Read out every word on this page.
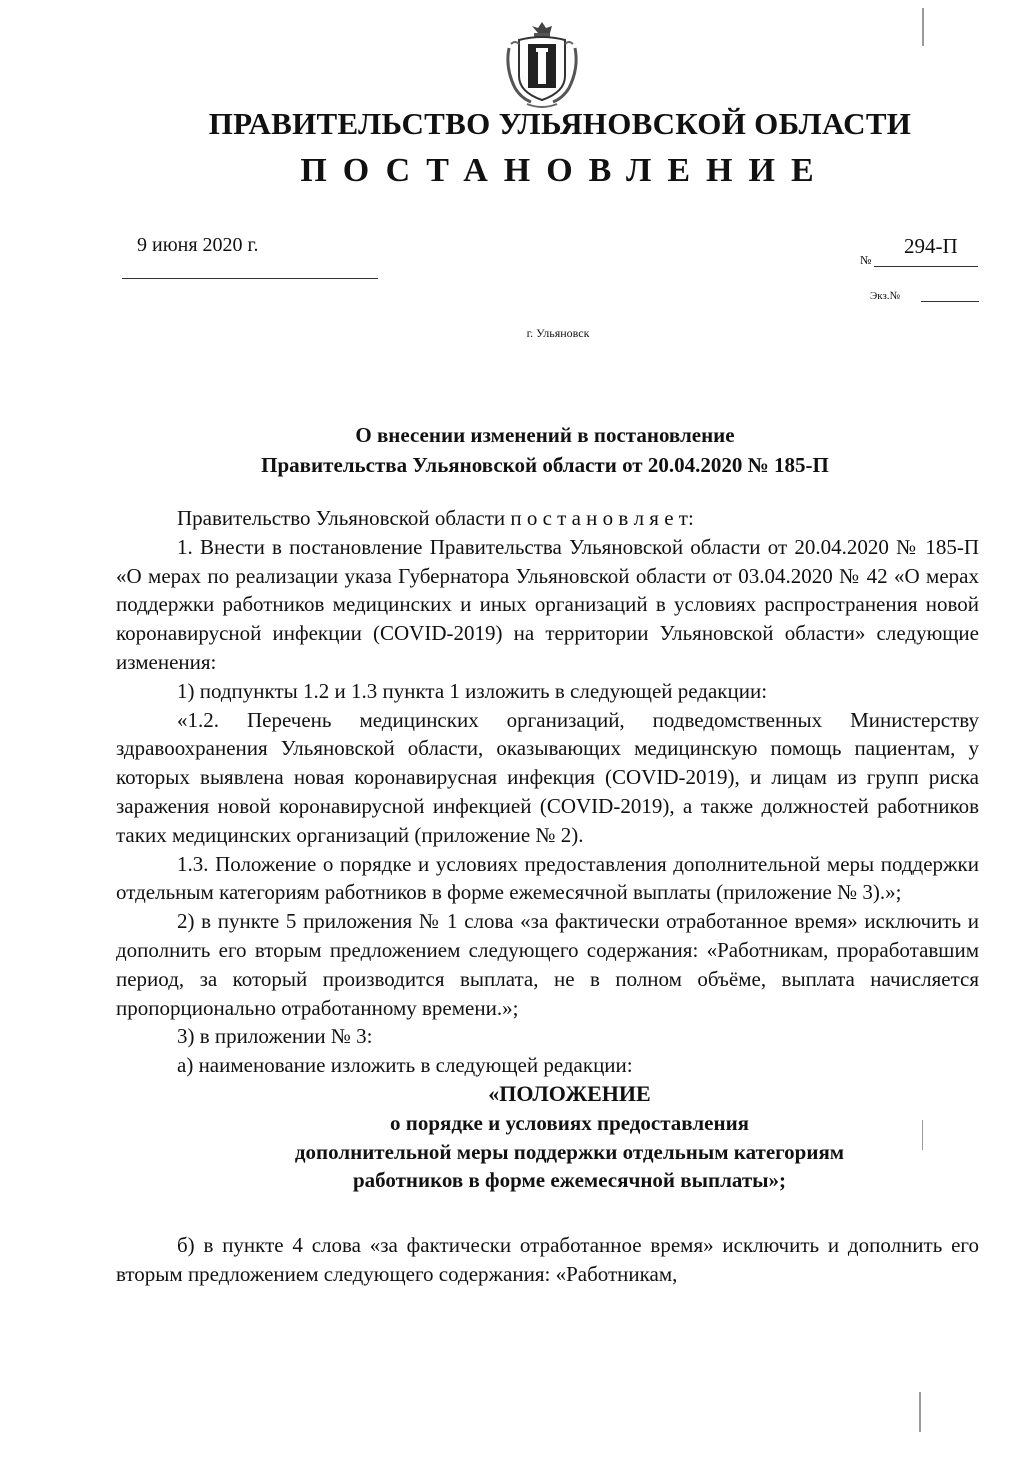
ПРАВИТЕЛЬСТВО УЛЬЯНОВСКОЙ ОБЛАСТИ
ПОСТАНОВЛЕНИЕ
9 июня 2020 г.
№
294-П
Экз.№
г. Ульяновск
О внесении изменений в постановление
Правительства Ульяновской области от 20.04.2020 № 185-П

Правительство Ульяновской области п о с т а н о в л я е т:

1. Внести в постановление Правительства Ульяновской области от 20.04.2020 № 185-П «О мерах по реализации указа Губернатора Ульяновской области от 03.04.2020 № 42 «О мерах поддержки работников медицинских и иных организаций в условиях распространения новой коронавирусной инфекции (COVID-2019) на территории Ульяновской области» следующие изменения:

1) подпункты 1.2 и 1.3 пункта 1 изложить в следующей редакции:

«1.2. Перечень медицинских организаций, подведомственных Министерству здравоохранения Ульяновской области, оказывающих медицинскую помощь пациентам, у которых выявлена новая коронавирусная инфекция (COVID-2019), и лицам из групп риска заражения новой коронавирусной инфекцией (COVID-2019), а также должностей работников таких медицинских организаций (приложение № 2).

1.3. Положение о порядке и условиях предоставления дополнительной меры поддержки отдельным категориям работников в форме ежемесячной выплаты (приложение № 3).»;

2) в пункте 5 приложения № 1 слова «за фактически отработанное время» исключить и дополнить его вторым предложением следующего содержания: «Работникам, проработавшим период, за который производится выплата, не в полном объёме, выплата начисляется пропорционально отработанному времени.»;

3) в приложении № 3:

а) наименование изложить в следующей редакции:

«ПОЛОЖЕНИЕ

о порядке и условиях предоставления

дополнительной меры поддержки отдельным категориям

работников в форме ежемесячной выплаты»;

б) в пункте 4 слова «за фактически отработанное время» исключить и дополнить его вторым предложением следующего содержания: «Работникам,
